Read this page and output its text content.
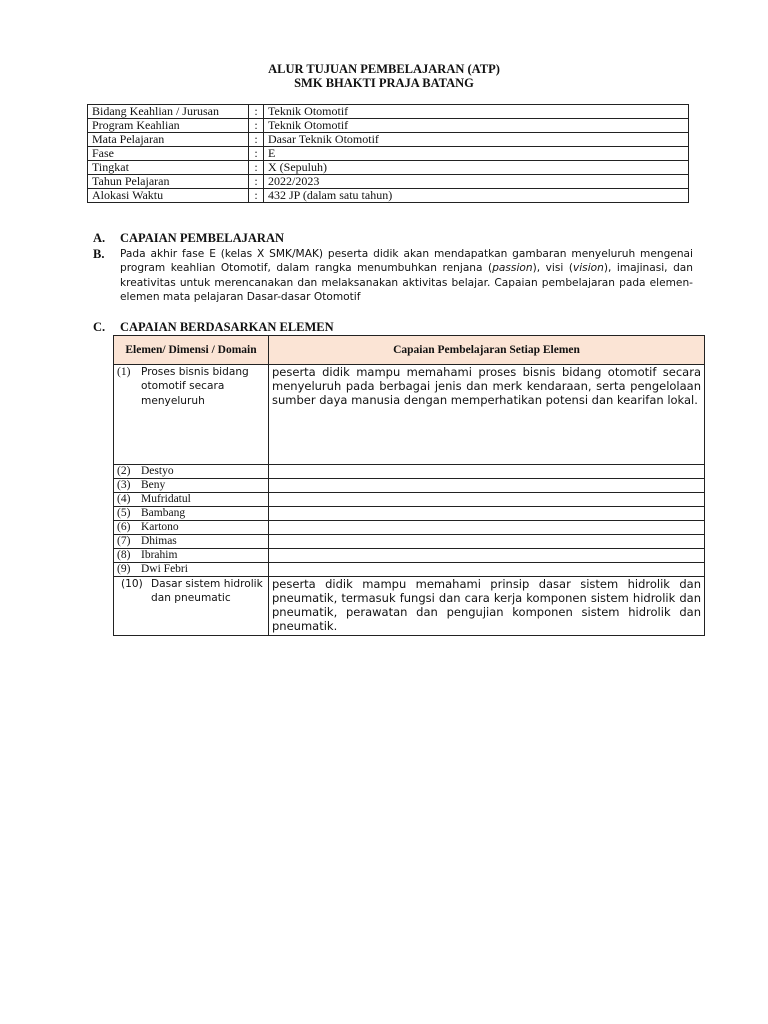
ALUR TUJUAN PEMBELAJARAN (ATP)
SMK BHAKTI PRAJA BATANG
Bidang Keahlian / Jurusan	:	Teknik Otomotif
Program Keahlian	:	Teknik Otomotif
Mata Pelajaran	:	Dasar Teknik Otomotif
Fase	:	E
Tingkat	:	X (Sepuluh)
Tahun Pelajaran	:	2022/2023
Alokasi Waktu	:	432 JP (dalam satu tahun)
A. CAPAIAN PEMBELAJARAN
B.	Pada akhir fase E (kelas X SMK/MAK) peserta didik akan mendapatkan gambaran menyeluruh mengenai program keahlian Otomotif, dalam rangka menumbuhkan renjana (passion), visi (vision), imajinasi, dan kreativitas untuk merencanakan dan melaksanakan aktivitas belajar. Capaian pembelajaran pada elemen- elemen mata pelajaran Dasar-dasar Otomotif

C. CAPAIAN BERDASARKAN ELEMEN
Elemen/ Dimensi / Domain	Capaian Pembelajaran Setiap Elemen

(1) Proses bisnis bidang otomotif secara menyeluruh	peserta didik mampu memahami proses bisnis bidang otomotif secara menyeluruh pada berbagai jenis dan merk kendaraan, serta pengelolaan sumber daya manusia dengan memperhatikan potensi dan kearifan lokal.
(2) Destyo	
(3) Beny	
(4) Mufridatul	
(5) Bambang	
(6) Kartono	
(7) Dhimas	
(8) Ibrahim	
(9) Dwi Febri	

(10) Dasar sistem hidrolik dan pneumatic	peserta didik mampu memahami prinsip dasar sistem hidrolik dan pneumatik, termasuk fungsi dan cara kerja komponen sistem hidrolik dan pneumatik, perawatan dan pengujian komponen sistem hidrolik dan pneumatik.
